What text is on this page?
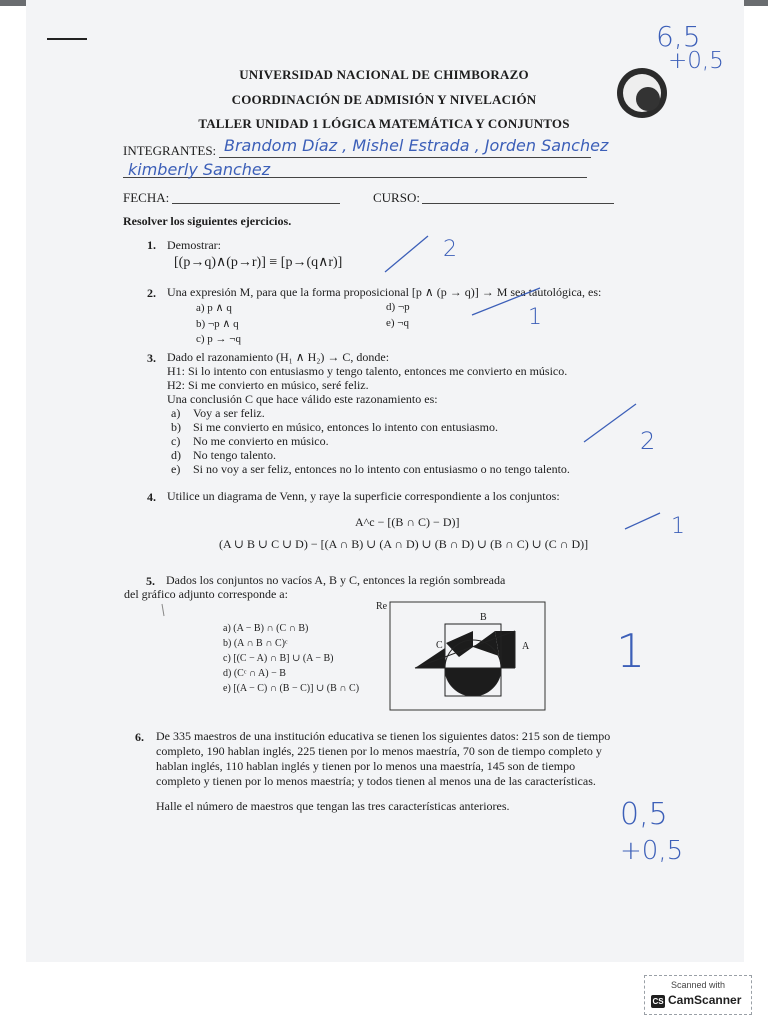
6,5
+0,5
UNIVERSIDAD NACIONAL DE CHIMBORAZO
COORDINACIÓN DE ADMISIÓN Y NIVELACIÓN
TALLER UNIDAD 1 LÓGICA MATEMÁTICA Y CONJUNTOS
INTEGRANTES: Brandom Díaz , Mishel Estrada , Jorden Sanchez
kimberly Sanchez
FECHA:	CURSO:
Resolver los siguientes ejercicios.
1. Demostrar:
[(p→q)∧(p→r)] ≡ [p→(q∧r)]
2
2. Una expresión M, para que la forma proposicional [p ∧ (p → q)] → M sea tautológica, es:
a) p ∧ q
b) ¬p ∧ q
c) p → ¬q
d) ¬p
e) ¬q	1
3. Dado el razonamiento (H₁ ∧ H₂) → C, donde:
H1: Si lo intento con entusiasmo y tengo talento, entonces me convierto en músico.
H2: Si me convierto en músico, seré feliz.
Una conclusión C que hace válido este razonamiento es:
a) Voy a ser feliz.
b) Si me convierto en músico, entonces lo intento con entusiasmo.
c) No me convierto en músico.
d) No tengo talento.
e) Si no voy a ser feliz, entonces no lo intento con entusiasmo o no tengo talento.
2
4. Utilice un diagrama de Venn, y raye la superficie correspondiente a los conjuntos:
A^c − [(B ∩ C) − D)]
(A ∪ B ∪ C ∪ D) − [(A ∩ B) ∪ (A ∩ D) ∪ (B ∩ D) ∪ (B ∩ C) ∪ (C ∩ D)]
1
5. Dados los conjuntos no vacíos A, B y C, entonces la región sombreada
del gráfico adjunto corresponde a:
a) (A − B) ∩ (C ∩ B)
b) (A ∩ B ∩ C)ᶜ
c) [(C − A) ∩ B] ∪ (A − B)
d) (Cᶜ ∩ A) − B
e) [(A − C) ∩ (B − C)] ∪ (B ∩ C)
Re
B
C	A 1
6. De 335 maestros de una institución educativa se tienen los siguientes datos: 215 son de tiempo
completo, 190 hablan inglés, 225 tienen por lo menos maestría, 70 son de tiempo completo y
hablan inglés, 110 hablan inglés y tienen por lo menos una maestría, 145 son de tiempo
completo y tienen por lo menos maestría; y todos tienen al menos una de las características.
Halle el número de maestros que tengan las tres características anteriores.	0,5
+0,5
Scanned with
CS CamScanner
